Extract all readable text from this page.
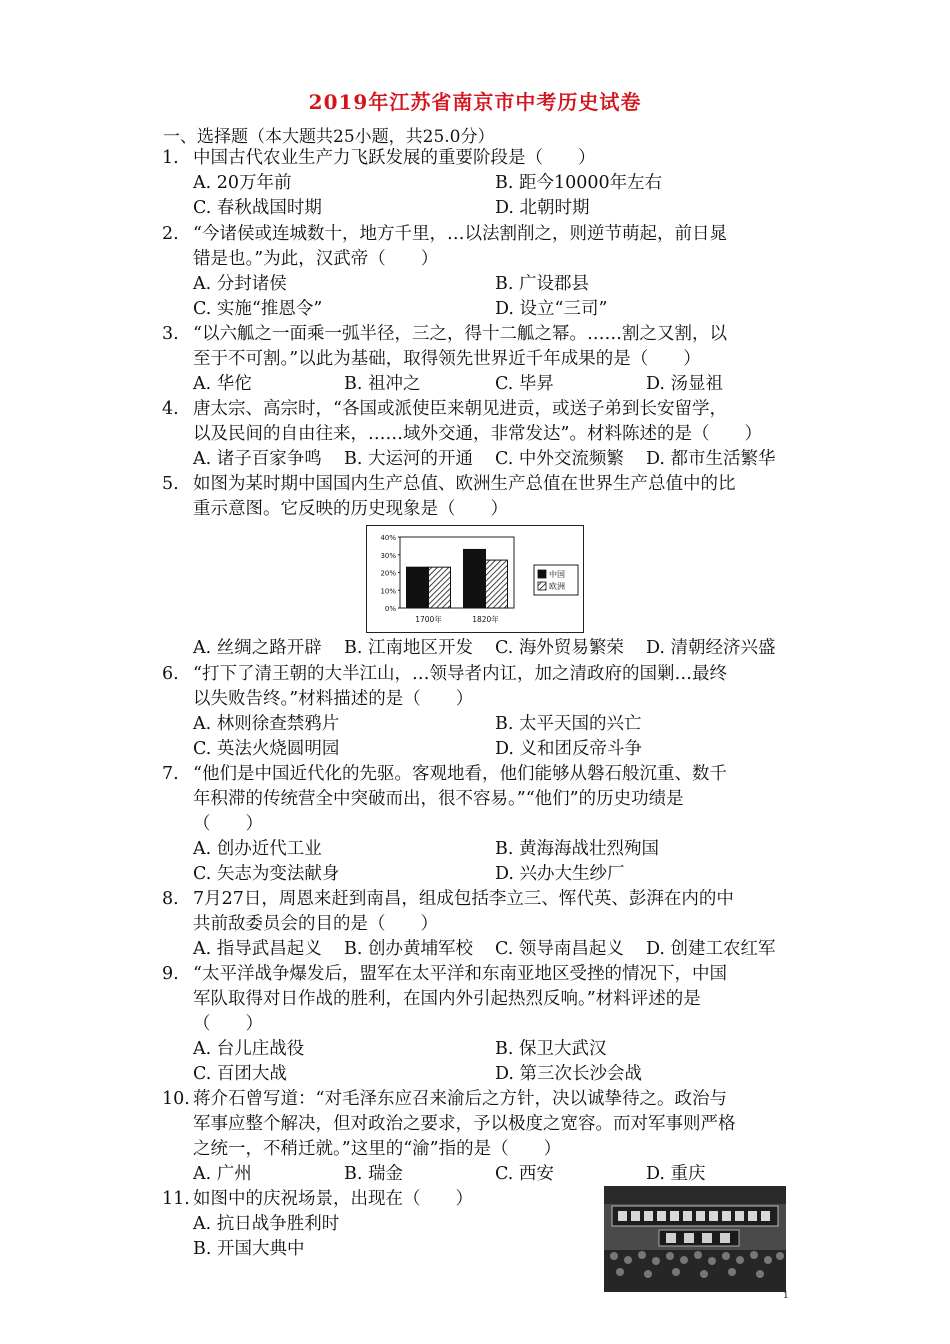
2019年江苏省南京市中考历史试卷
一、选择题（本大题共25小题，共25.0分）
1. 中国古代农业生产力飞跃发展的重要阶段是（　　）
A. 20万年前	B. 距今10000年左右
C. 春秋战国时期	D. 北朝时期
2. “今诸侯或连城数十，地方千里，…以法割削之，则逆节萌起，前日晁
错是也。”为此，汉武帝（　　）
A. 分封诸侯	B. 广设郡县
C. 实施“推恩令”	D. 设立“三司”
3. “以六觚之一面乘一弧半径，三之，得十二觚之幂。……割之又割，以
至于不可割。”以此为基础，取得领先世界近千年成果的是（　　）
A. 华佗	B. 祖冲之	C. 毕昇	D. 汤显祖
4. 唐太宗、高宗时，“各国或派使臣来朝见进贡，或送子弟到长安留学，
以及民间的自由往来，……域外交通，非常发达”。材料陈述的是（　　）
A. 诸子百家争鸣 B. 大运河的开通 C. 中外交流频繁 D. 都市生活繁华
5. 如图为某时期中国国内生产总值、欧洲生产总值在世界生产总值中的比
重示意图。它反映的历史现象是（　　）
0%
10%
20%
30%
40%
1700年	1820年
中国
欧洲
A. 丝绸之路开辟 B. 江南地区开发 C. 海外贸易繁荣 D. 清朝经济兴盛
6. “打下了清王朝的大半江山，…领导者内讧，加之清政府的国剿…最终
以失败告终。”材料描述的是（　　）
A. 林则徐查禁鸦片	B. 太平天国的兴亡
C. 英法火烧圆明园	D. 义和团反帝斗争
7. “他们是中国近代化的先驱。客观地看，他们能够从磐石般沉重、数千
年积滞的传统营全中突破而出，很不容易。”“他们”的历史功绩是
（　　）
A. 创办近代工业	B. 黄海海战壮烈殉国
C. 矢志为变法献身	D. 兴办大生纱厂
8. 7月27日，周恩来赶到南昌，组成包括李立三、恽代英、彭湃在内的中
共前敌委员会的目的是（　　）
A. 指导武昌起义 B. 创办黄埔军校 C. 领导南昌起义 D. 创建工农红军
9. “太平洋战争爆发后，盟军在太平洋和东南亚地区受挫的情况下，中国
军队取得对日作战的胜利，在国内外引起热烈反响。”材料评述的是
（　　）
A. 台儿庄战役	B. 保卫大武汉
C. 百团大战	D. 第三次长沙会战
10. 蒋介石曾写道：“对毛泽东应召来渝后之方针，决以诚挚待之。政治与
军事应整个解决，但对政治之要求，予以极度之宽容。而对军事则严格
之统一，不稍迁就。”这里的“渝”指的是（　　）
A. 广州	B. 瑞金	C. 西安	D. 重庆
11. 如图中的庆祝场景，出现在（　　）
A. 抗日战争胜利时
B. 开国大典中
1
